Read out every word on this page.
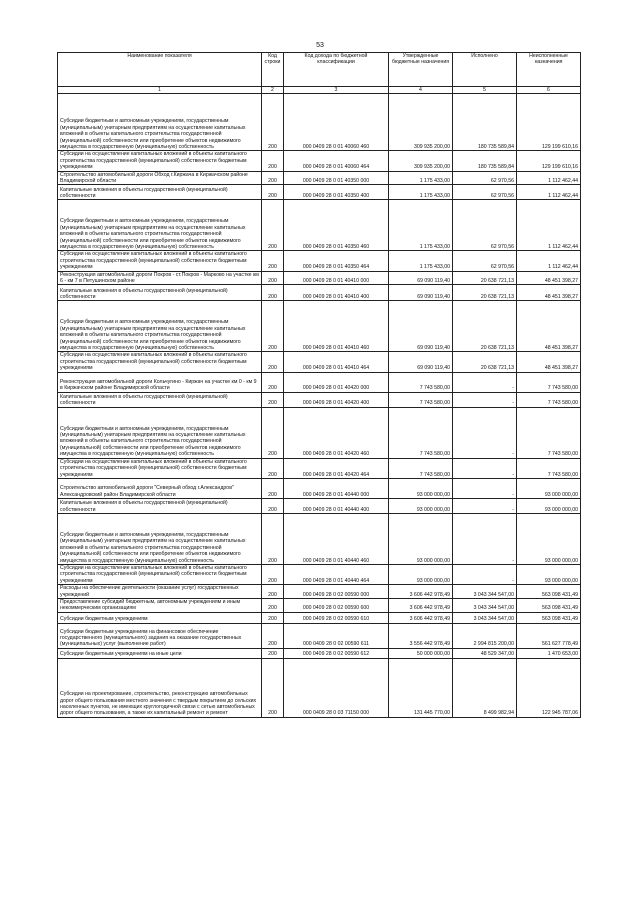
53
Наименование показателя	Код строки	Код дохода по бюджетной классификации	Утвержденные бюджетные назначения	Исполнено	Неисполненные назначения
1	2	3	4	5	6
Субсидии бюджетным и автономным учреждениям, государственным (муниципальным) унитарным предприятиям на осуществление капитальных вложений в объекты капитального строительства государственной (муниципальной) собственности или приобретение объектов недвижимого имущества в государственную (муниципальную) собственность	200	000 0409 28 0 01 40060 460	309 935 200,00	180 735 589,84	129 199 610,16
Субсидии на осуществление капитальных вложений в объекты капитального строительства государственной (муниципальной) собственности бюджетным учреждениям	200	000 0409 28 0 01 40060 464	309 935 200,00	180 735 589,84	129 199 610,16
Строительство автомобильной дороги Обход г.Киржача в Киржачском районе Владимирской области	200	000 0409 28 0 01 40350 000	1 175 433,00	62 970,56	1 112 462,44
Капитальные вложения в объекты государственной (муниципальной) собственности	200	000 0409 28 0 01 40350 400	1 175 433,00	62 970,56	1 112 462,44
Субсидии бюджетным и автономным учреждениям, государственным (муниципальным) унитарным предприятиям на осуществление капитальных вложений в объекты капитального строительства государственной (муниципальной) собственности или приобретение объектов недвижимого имущества в государственную (муниципальную) собственность	200	000 0409 28 0 01 40350 460	1 175 433,00	62 970,56	1 112 462,44
Субсидии на осуществление капитальных вложений в объекты капитального строительства государственной (муниципальной) собственности бюджетным учреждениям	200	000 0409 28 0 01 40350 464	1 175 433,00	62 970,56	1 112 462,44
Реконструкция автомобильной дороги Покров - ст.Покров - Марково на участке км 6 - км 7 в Петушинском районе	200	000 0409 28 0 01 40410 000	69 090 119,40	20 638 721,13	48 451 398,27
Капитальные вложения в объекты государственной (муниципальной) собственности	200	000 0409 28 0 01 40410 400	69 090 119,40	20 638 721,13	48 451 398,27
Субсидии бюджетным и автономным учреждениям, государственным (муниципальным) унитарным предприятиям на осуществление капитальных вложений в объекты капитального строительства государственной (муниципальной) собственности или приобретение объектов недвижимого имущества в государственную (муниципальную) собственность	200	000 0409 28 0 01 40410 460	69 090 119,40	20 638 721,13	48 451 398,27
Субсидии на осуществление капитальных вложений в объекты капитального строительства государственной (муниципальной) собственности бюджетным учреждениям	200	000 0409 28 0 01 40410 464	69 090 119,40	20 638 721,13	48 451 398,27
Реконструкция автомобильной дороги Кольчугино - Киржач на участке км 0 - км 9 в Киржачском районе Владимирской области	200	000 0409 28 0 01 40420 000	7 743 580,00	-	7 743 580,00
Капитальные вложения в объекты государственной (муниципальной) собственности	200	000 0409 28 0 01 40420 400	7 743 580,00	-	7 743 580,00
Субсидии бюджетным и автономным учреждениям, государственным (муниципальным) унитарным предприятиям на осуществление капитальных вложений в объекты капитального строительства государственной (муниципальной) собственности или приобретение объектов недвижимого имущества в государственную (муниципальную) собственность	200	000 0409 28 0 01 40420 460	7 743 580,00	-	7 743 580,00
Субсидии на осуществление капитальных вложений в объекты капитального строительства государственной (муниципальной) собственности бюджетным учреждениям	200	000 0409 28 0 01 40420 464	7 743 580,00	-	7 743 580,00
Строительство автомобильной дороги "Северный обход г.Александров" Александровский район Владимирской области	200	000 0409 28 0 01 40440 000	93 000 000,00	-	93 000 000,00
Капитальные вложения в объекты государственной (муниципальной) собственности	200	000 0409 28 0 01 40440 400	93 000 000,00	-	93 000 000,00
Субсидии бюджетным и автономным учреждениям, государственным (муниципальным) унитарным предприятиям на осуществление капитальных вложений в объекты капитального строительства государственной (муниципальной) собственности или приобретение объектов недвижимого имущества в государственную (муниципальную) собственность	200	000 0409 28 0 01 40440 460	93 000 000,00	-	93 000 000,00
Субсидии на осуществление капитальных вложений в объекты капитального строительства государственной (муниципальной) собственности бюджетным учреждениям	200	000 0409 28 0 01 40440 464	93 000 000,00	-	93 000 000,00
Расходы на обеспечение деятельности (оказание услуг) государственных учреждений	200	000 0409 28 0 02 00590 000	3 606 442 978,49	3 043 344 547,00	563 098 431,49
Предоставление субсидий бюджетным, автономным учреждениям и иным некоммерческим организациям	200	000 0409 28 0 02 00590 600	3 606 442 978,49	3 043 344 547,00	563 098 431,49
Субсидии бюджетным учреждениям	200	000 0409 28 0 02 00590 610	3 606 442 978,49	3 043 344 547,00	563 098 431,49
Субсидии бюджетным учреждениям на финансовое обеспечение государственного (муниципального) задания на оказание государственных (муниципальных) услуг (выполнение работ)	200	000 0409 28 0 02 00590 611	3 556 442 978,49	2 994 815 200,00	561 627 778,49
Субсидии бюджетным учреждениям на иные цели	200	000 0409 28 0 02 00590 612	50 000 000,00	48 529 347,00	1 470 653,00
Субсидии на проектирование, строительство, реконструкцию автомобильных дорог общего пользования местного значения с твердым покрытием до сельских населенных пунктов, не имеющих круглогодичной связи с сетью автомобильных дорог общего пользования, а также их капитальный ремонт и ремонт	200	000 0409 28 0 03 71150 000	131 445 770,00	8 499 982,94	122 945 787,06
